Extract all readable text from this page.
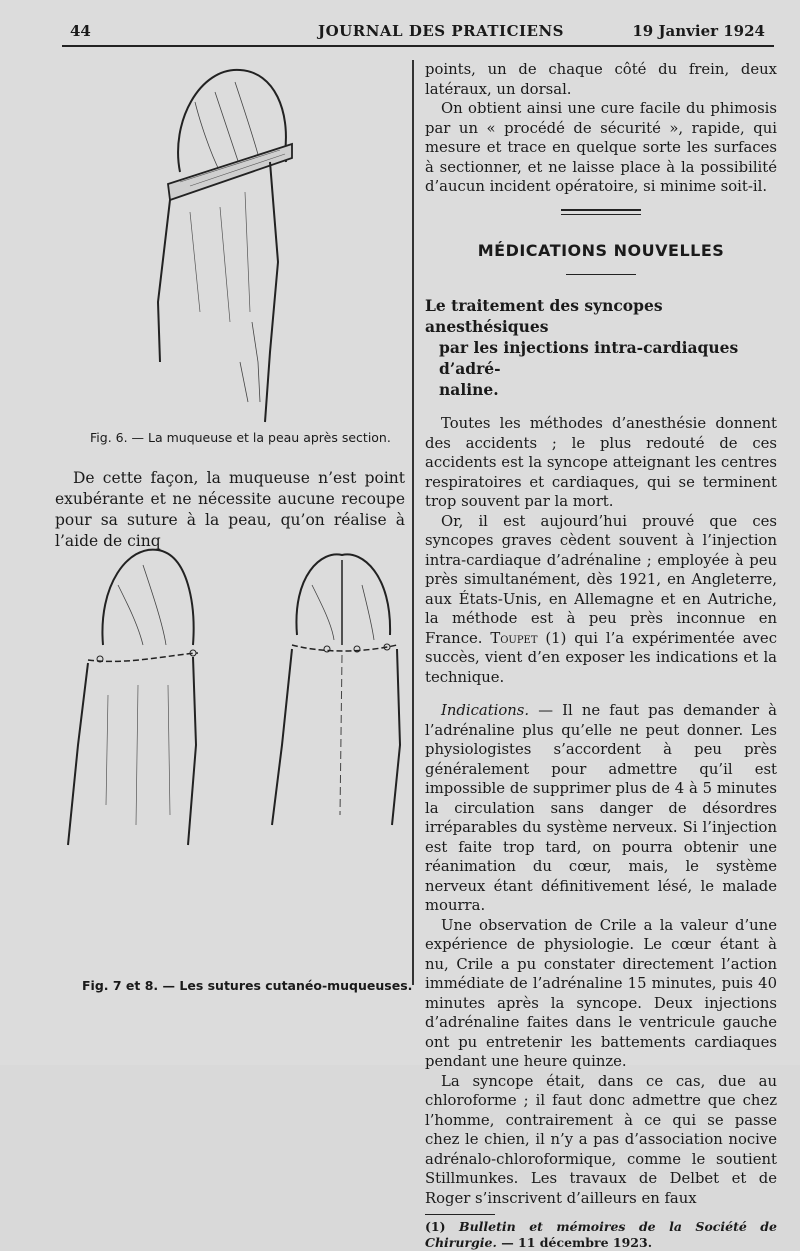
44	JOURNAL DES PRATICIENS	19 Janvier 1924
Fig. 6. — La muqueuse et la peau après section.

De cette façon, la muqueuse n’est point exubérante et ne nécessite aucune recoupe pour sa suture à la peau, qu’on réalise à l’aide de cinq

Fig. 7 et 8. — Les sutures cutanéo-muqueuses.

points, un de chaque côté du frein, deux latéraux, un dorsal.

On obtient ainsi une cure facile du phimosis par un « procédé de sécurité », rapide, qui mesure et trace en quelque sorte les surfaces à sectionner, et ne laisse place à la possibilité d’aucun incident opératoire, si minime soit-il.

MÉDICATIONS NOUVELLES
Le traitement des syncopes anesthésiques
par les injections intra-cardiaques d’adré-
naline.

Toutes les méthodes d’anesthésie donnent des accidents ; le plus redouté de ces accidents est la syncope atteignant les centres respiratoires et cardiaques, qui se terminent trop souvent par la mort.

Or, il est aujourd’hui prouvé que ces syncopes graves cèdent souvent à l’injection intra-cardiaque d’adrénaline ; employée à peu près simultanément, dès 1921, en Angleterre, aux États-Unis, en Allemagne et en Autriche, la méthode est à peu près inconnue en France. Toupet (1) qui l’a expérimentée avec succès, vient d’en exposer les indications et la technique.

Indications. — Il ne faut pas demander à l’adrénaline plus qu’elle ne peut donner. Les physiologistes s’accordent à peu près généralement pour admettre qu’il est impossible de supprimer plus de 4 à 5 minutes la circulation sans danger de désordres irréparables du système nerveux. Si l’injection est faite trop tard, on pourra obtenir une réanimation du cœur, mais, le système nerveux étant définitivement lésé, le malade mourra.

Une observation de Crile a la valeur d’une expérience de physiologie. Le cœur étant à nu, Crile a pu constater directement l’action immédiate de l’adrénaline 15 minutes, puis 40 minutes après la syncope. Deux injections d’adrénaline faites dans le ventricule gauche ont pu entretenir les battements cardiaques pendant une heure quinze.

La syncope était, dans ce cas, due au chloroforme ; il faut donc admettre que chez l’homme, contrairement à ce qui se passe chez le chien, il n’y a pas d’association nocive adrénalo-chloroformique, comme le soutient Stillmunkes. Les travaux de Delbet et de Roger s’inscrivent d’ailleurs en faux

(1) Bulletin et mémoires de la Société de Chirurgie. — 11 décembre 1923.
